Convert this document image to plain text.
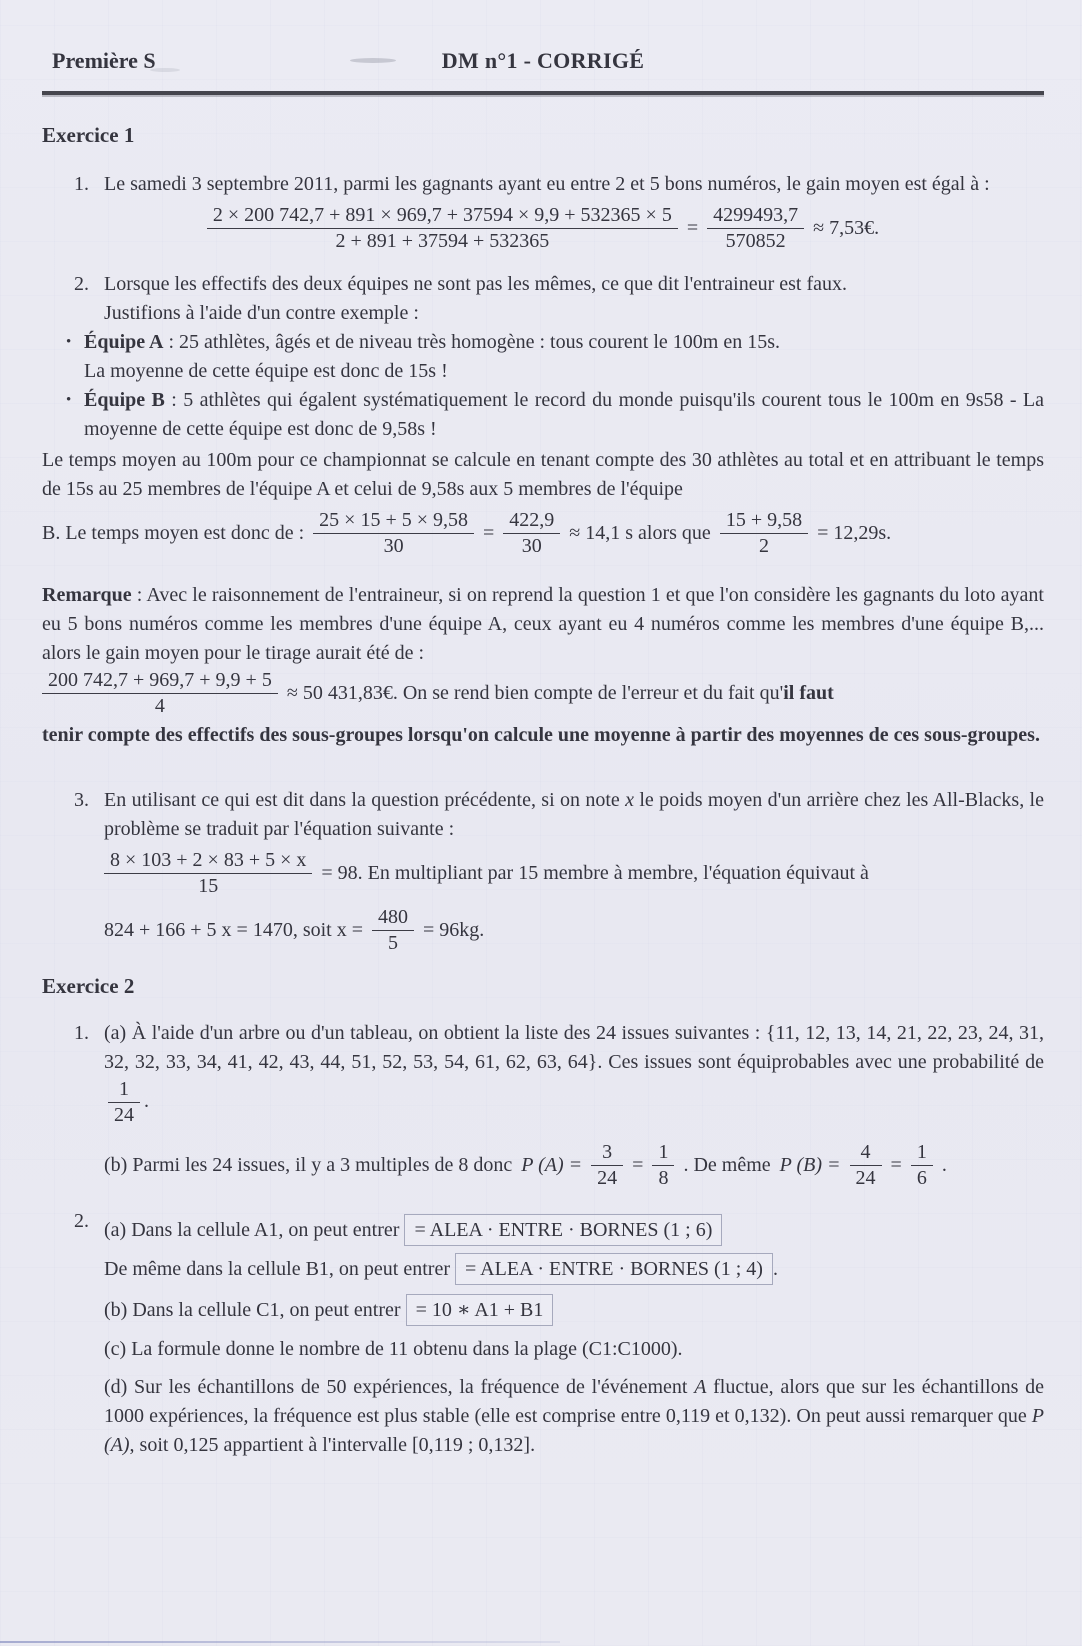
Première S	DM n°1 - CORRIGÉ
Exercice 1
1. Le samedi 3 septembre 2011, parmi les gagnants ayant eu entre 2 et 5 bons numéros, le gain moyen est égal à :
$\frac{2 \times 200 742,7 + 891 \times 969,7 + 37594 \times 9,9 + 532365 \times 5}{2 + 891 + 37594 + 532365} = \frac{4299493,7}{570852}$ ≈ 7,53€.
2. Lorsque les effectifs des deux équipes ne sont pas les mêmes, ce que dit l'entraineur est faux.
Justifions à l'aide d'un contre exemple :
• Équipe A : 25 athlètes, âgés et de niveau très homogène : tous courent le 100m en 15s.
La moyenne de cette équipe est donc de 15s !
• Équipe B : 5 athlètes qui égalent systématiquement le record du monde puisqu'ils courent tous le 100m en 9s58 - La moyenne de cette équipe est donc de 9,58s !
Le temps moyen au 100m pour ce championnat se calcule en tenant compte des 30 athlètes au total et en attribuant le temps de 15s au 25 membres de l'équipe A et celui de 9,58s aux 5 membres de l'équipe
B. Le temps moyen est donc de : $\frac{25 \times 15 + 5 \times 9,58}{30} = \frac{422,9}{30} \approx 14,1$ s alors que $\frac{15 + 9,58}{2} = 12,29s$.
Remarque : Avec le raisonnement de l'entraineur, si on reprend la question 1 et que l'on considère les gagnants du loto ayant eu 5 bons numéros comme les membres d'une équipe A, ceux ayant eu 4 numéros comme les membres d'une équipe B,... alors le gain moyen pour le tirage aurait été de :
$\frac{200 742,7 + 969,7 + 9,9 + 5}{4} \approx 50$ 431,83€. On se rend bien compte de l'erreur et du fait qu'il faut
tenir compte des effectifs des sous-groupes lorsqu'on calcule une moyenne à partir des moyennes de ces sous-groupes.
3. En utilisant ce qui est dit dans la question précédente, si on note x le poids moyen d'un arrière chez les All-Blacks, le problème se traduit par l'équation suivante :
$\frac{8 \times 103 + 2 \times 83 + 5 \times x}{15} = 98$. En multipliant par 15 membre à membre, l'équation équivaut à
824 + 166 + 5 x = 1470, soit $x = \frac{480}{5} = 96kg$.
Exercice 2
1. (a) À l'aide d'un arbre ou d'un tableau, on obtient la liste des 24 issues suivantes : {11, 12, 13, 14, 21, 22, 23, 24, 31, 32, 32, 33, 34, 41, 42, 43, 44, 51, 52, 53, 54, 61, 62, 63, 64}. Ces issues sont équiprobables avec une probabilité de
$\frac{1}{24}$ .
(b) Parmi les 24 issues, il y a 3 multiples de 8 donc P $(A) = \frac{3}{24} = \frac{1}{8}$ . De même P $(B) = \frac{4}{24} = \frac{1}{6}$ .
2. (a) Dans la cellule A1, on peut entrer = ALEA · ENTRE · BORNES (1 ; 6)
De même dans la cellule B1, on peut entrer = ALEA · ENTRE · BORNES (1 ; 4) .
(b) Dans la cellule C1, on peut entrer = 10 ∗ A1 + B1
(c) La formule donne le nombre de 11 obtenu dans la plage (C1:C1000).
(d) Sur les échantillons de 50 expériences, la fréquence de l'événement A fluctue, alors que sur les échantillons de 1000 expériences, la fréquence est plus stable (elle est comprise entre 0,119 et 0,132). On peut aussi remarquer que P (A), soit 0,125 appartient à l'intervalle [0,119 ; 0,132].
